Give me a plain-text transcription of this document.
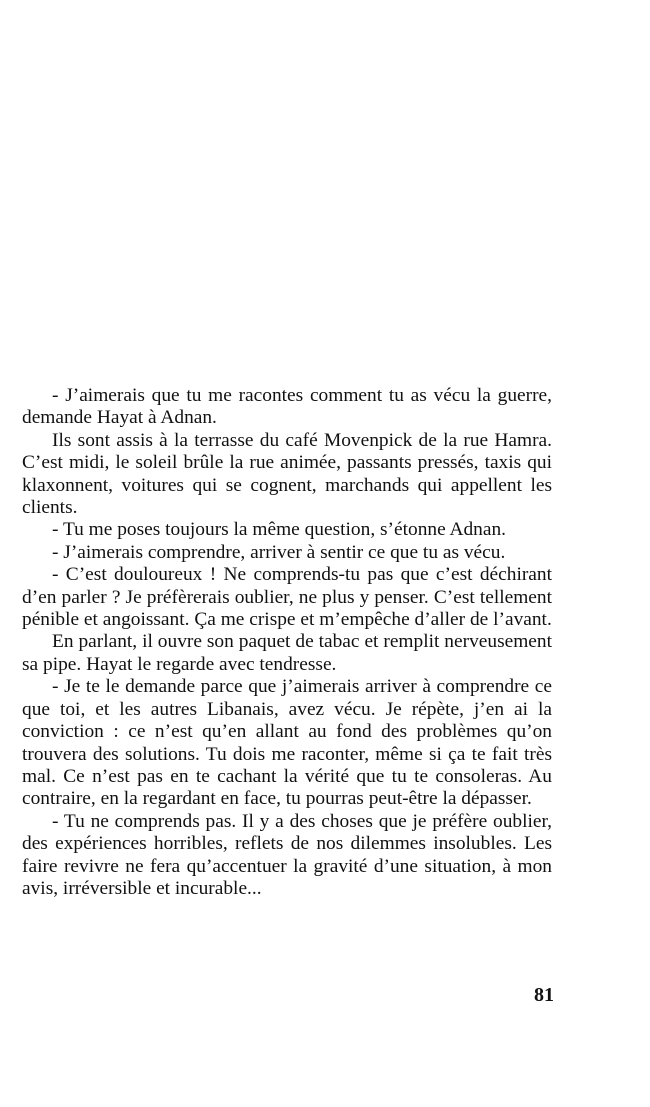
- J’aimerais que tu me racontes comment tu as vécu la guerre, demande Hayat à Adnan.

Ils sont assis à la terrasse du café Movenpick de la rue Hamra. C’est midi, le soleil brûle la rue animée, passants pressés, taxis qui klaxonnent, voitures qui se cognent, marchands qui appellent les clients.

- Tu me poses toujours la même question, s’étonne Adnan.

- J’aimerais comprendre, arriver à sentir ce que tu as vécu.

- C’est douloureux ! Ne comprends-tu pas que c’est déchirant d’en parler ? Je préfèrerais oublier, ne plus y penser. C’est tellement pénible et angoissant. Ça me crispe et m’empêche d’aller de l’avant.

En parlant, il ouvre son paquet de tabac et remplit nerveusement sa pipe. Hayat le regarde avec tendresse.

- Je te le demande parce que j’aimerais arriver à comprendre ce que toi, et les autres Libanais, avez vécu. Je répète, j’en ai la conviction : ce n’est qu’en allant au fond des problèmes qu’on trouvera des solutions. Tu dois me raconter, même si ça te fait très mal. Ce n’est pas en te cachant la vérité que tu te consoleras. Au contraire, en la regardant en face, tu pourras peut-être la dépasser.

- Tu ne comprends pas. Il y a des choses que je préfère oublier, des expériences horribles, reflets de nos dilemmes insolubles. Les faire revivre ne fera qu’accentuer la gravité d’une situation, à mon avis, irréversible et incurable...

81
